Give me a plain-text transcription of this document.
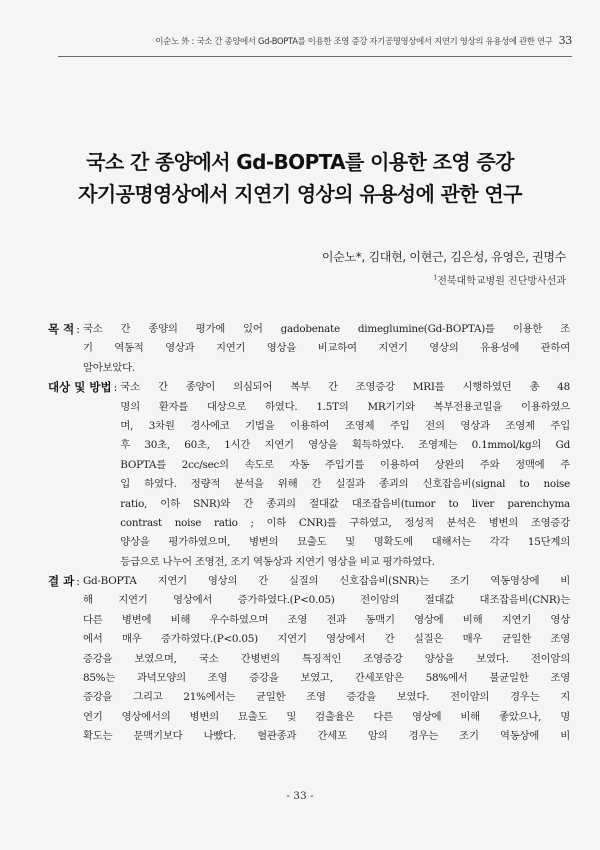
이순노 外 : 국소 간 종양에서 Gd-BOPTA를 이용한 조영 증강 자기공명영상에서 지연기 영상의 유용성에 관한 연구 33
국소 간 종양에서 Gd-BOPTA를 이용한 조영 증강
자기공명영상에서 지연기 영상의 유용성에 관한 연구
이순노*, 김대현, 이현근, 김은성, 유영은, 권명수
$^1$전북대학교병원 진단방사선과
목 적 : 국소 간 종양의 평가에 있어 gadobenate dimeglumine(Gd-BOPTA)를 이용한 조
기 역동적 영상과 지연기 영상을 비교하여 지연기 영상의 유용성에 관하여
알아보았다.
대상 및 방법 : 국소 간 종양이 의심되어 복부 간 조영증강 MRI를 시행하였던 총 48
명의 환자를 대상으로 하였다. 1.5T의 MR기기와 복부전용코일을 이용하였으
며, 3차원 경사에코 기법을 이용하여 조영제 주입 전의 영상과 조영제 주입
후 30초, 60초, 1시간 지연기 영상을 획득하였다. 조영제는 0.1mmol/kg의 Gd
BOPTA를 2cc/sec의 속도로 자동 주입기를 이용하여 상완의 주와 정맥에 주
입 하였다. 정량적 분석을 위해 간 실질과 종괴의 신호잡음비(signal to noise
ratio, 이하 SNR)와 간 종괴의 절대값 대조잡음비(tumor to liver parenchyma
contrast noise ratio ; 이하 CNR)를 구하였고, 정성적 분석은 병변의 조영증강
양상을 평가하였으며, 병변의 묘출도 및 명확도에 대해서는 각각 15단계의
등급으로 나누어 조영전, 조기 역동상과 지연기 영상을 비교 평가하였다.
결 과 : Gd-BOPTA 지연기 영상의 간 실질의 신호잡음비(SNR)는 조기 역동영상에 비
해 지연기 영상에서 증가하였다.(P<0.05) 전이암의 절대값 대조잡음비(CNR)는
다른 병변에 비해 우수하였으며 조영 전과 동맥기 영상에 비해 지연기 영상
에서 매우 증가하였다.(P<0.05) 지연기 영상에서 간 실질은 매우 균일한 조영
증강을 보였으며, 국소 간병변의 특징적인 조영증강 양상을 보였다. 전이암의
85%는 과녁모양의 조영 증강을 보였고, 간세포암은 58%에서 불균일한 조영
증강을 그리고 21%에서는 균일한 조영 증강을 보였다. 전이암의 경우는 지
연기 영상에서의 병변의 묘출도 및 검출율은 다른 영상에 비해 좋았으나, 명
확도는 문맥기보다 나빴다. 혈관종과 간세포 암의 경우는 조기 역동상에 비
- 33 -
